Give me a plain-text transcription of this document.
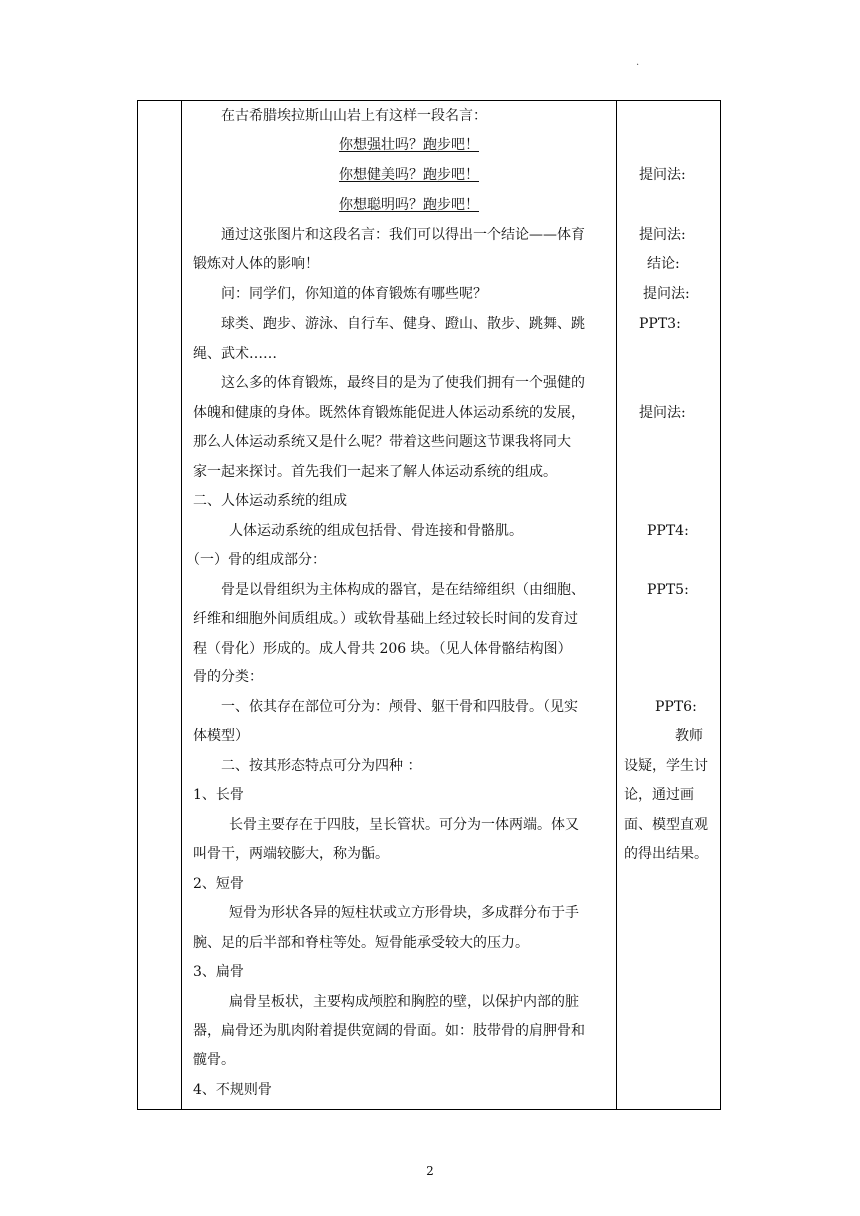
.
在古希腊埃拉斯山山岩上有这样一段名言：
你想强壮吗？跑步吧！
你想健美吗？跑步吧！
你想聪明吗？跑步吧！
通过这张图片和这段名言：我们可以得出一个结论——体育
锻炼对人体的影响！
问：同学们，你知道的体育锻炼有哪些呢？
球类、跑步、游泳、自行车、健身、蹬山、散步、跳舞、跳
绳、武术……
这么多的体育锻炼，最终目的是为了使我们拥有一个强健的
体魄和健康的身体。既然体育锻炼能促进人体运动系统的发展，
那么人体运动系统又是什么呢？带着这些问题这节课我将同大
家一起来探讨。首先我们一起来了解人体运动系统的组成。
二、人体运动系统的组成
人体运动系统的组成包括骨、骨连接和骨骼肌。
（一）骨的组成部分：
骨是以骨组织为主体构成的器官，是在结缔组织（由细胞、
纤维和细胞外间质组成。）或软骨基础上经过较长时间的发育过
程（骨化）形成的。成人骨共 206 块。（见人体骨骼结构图）
骨的分类：
一、依其存在部位可分为：颅骨、躯干骨和四肢骨。（见实
体模型）
二、按其形态特点可分为四种 ：
1、长骨
长骨主要存在于四肢，呈长管状。可分为一体两端。体又
叫骨干，两端较膨大，称为骺。
2、短骨
短骨为形状各异的短柱状或立方形骨块，多成群分布于手
腕、足的后半部和脊柱等处。短骨能承受较大的压力。
3、扁骨
扁骨呈板状，主要构成颅腔和胸腔的壁，以保护内部的脏
器，扁骨还为肌肉附着提供宽阔的骨面。如：肢带骨的肩胛骨和
髋骨。
4、不规则骨
提问法:
提问法:
结论:
提问法:
PPT3:
提问法:
PPT4:
PPT5:
PPT6:
教师
设疑，学生讨
论，通过画
面、模型直观
的得出结果。
2
